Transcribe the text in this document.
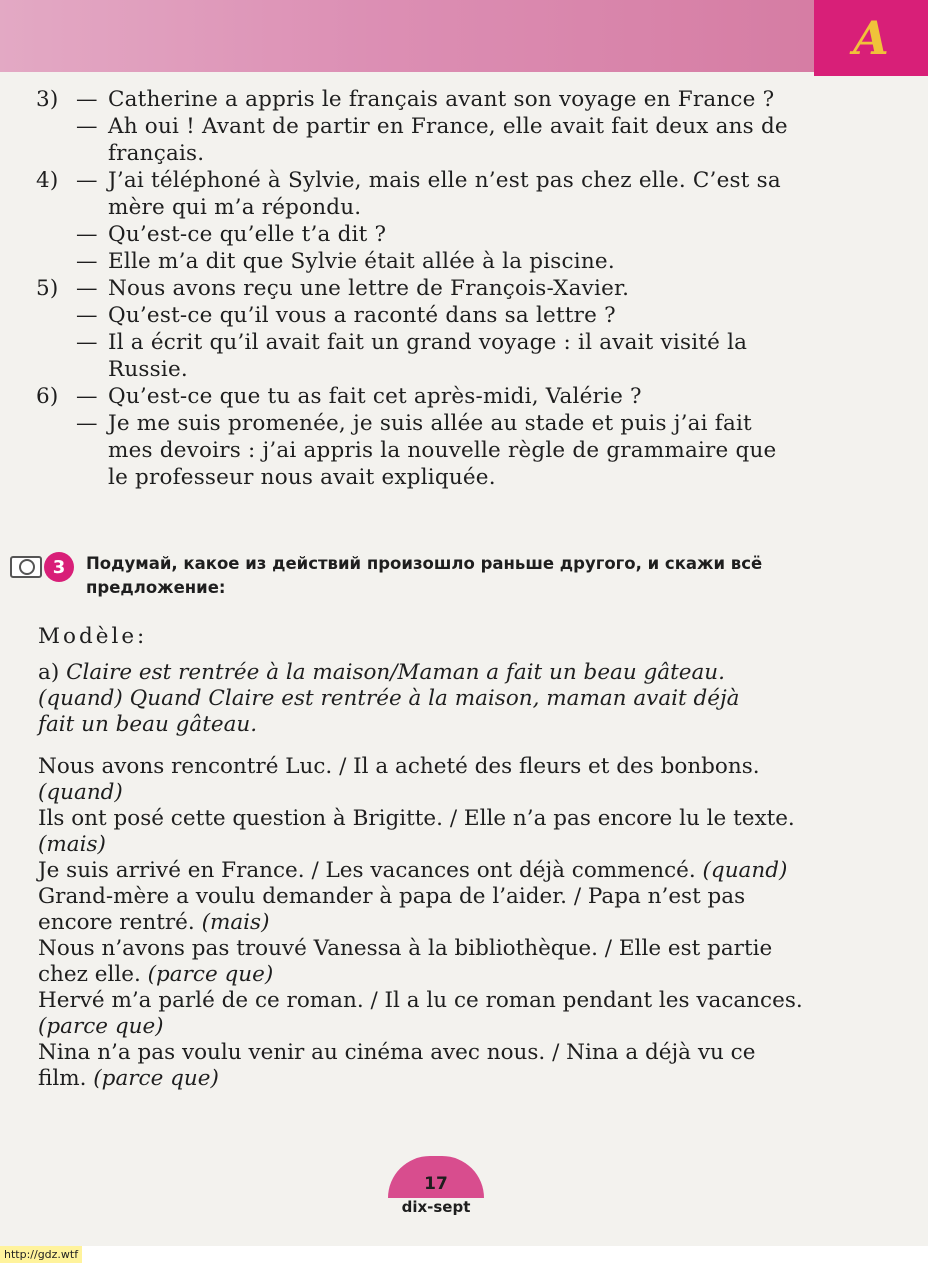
A
3) — Catherine a appris le français avant son voyage en France ?
— Ah oui ! Avant de partir en France, elle avait fait deux ans de français.
4) — J’ai téléphoné à Sylvie, mais elle n’est pas chez elle. C’est sa mère qui m’a répondu.
— Qu’est-ce qu’elle t’a dit ?
— Elle m’a dit que Sylvie était allée à la piscine.
5) — Nous avons reçu une lettre de François-Xavier.
— Qu’est-ce qu’il vous a raconté dans sa lettre ?
— Il a écrit qu’il avait fait un grand voyage : il avait visité la Russie.
6) — Qu’est-ce que tu as fait cet après-midi, Valérie ?
— Je me suis promenée, je suis allée au stade et puis j’ai fait mes devoirs : j’ai appris la nouvelle règle de grammaire que le professeur nous avait expliquée.
3	Подумай, какое из действий произошло раньше другого, и скажи всё предложение:
Modèle:
a) Claire est rentrée à la maison/Maman a fait un beau gâteau. (quand) Quand Claire est rentrée à la maison, maman avait déjà fait un beau gâteau.
Nous avons rencontré Luc. / Il a acheté des fleurs et des bonbons. (quand)
Ils ont posé cette question à Brigitte. / Elle n’a pas encore lu le texte. (mais)
Je suis arrivé en France. / Les vacances ont déjà commencé. (quand)
Grand-mère a voulu demander à papa de l’aider. / Papa n’est pas encore rentré. (mais)
Nous n’avons pas trouvé Vanessa à la bibliothèque. / Elle est partie chez elle. (parce que)
Hervé m’a parlé de ce roman. / Il a lu ce roman pendant les vacances. (parce que)
Nina n’a pas voulu venir au cinéma avec nous. / Nina a déjà vu ce film. (parce que)
17
dix-sept
http://gdz.wtf
